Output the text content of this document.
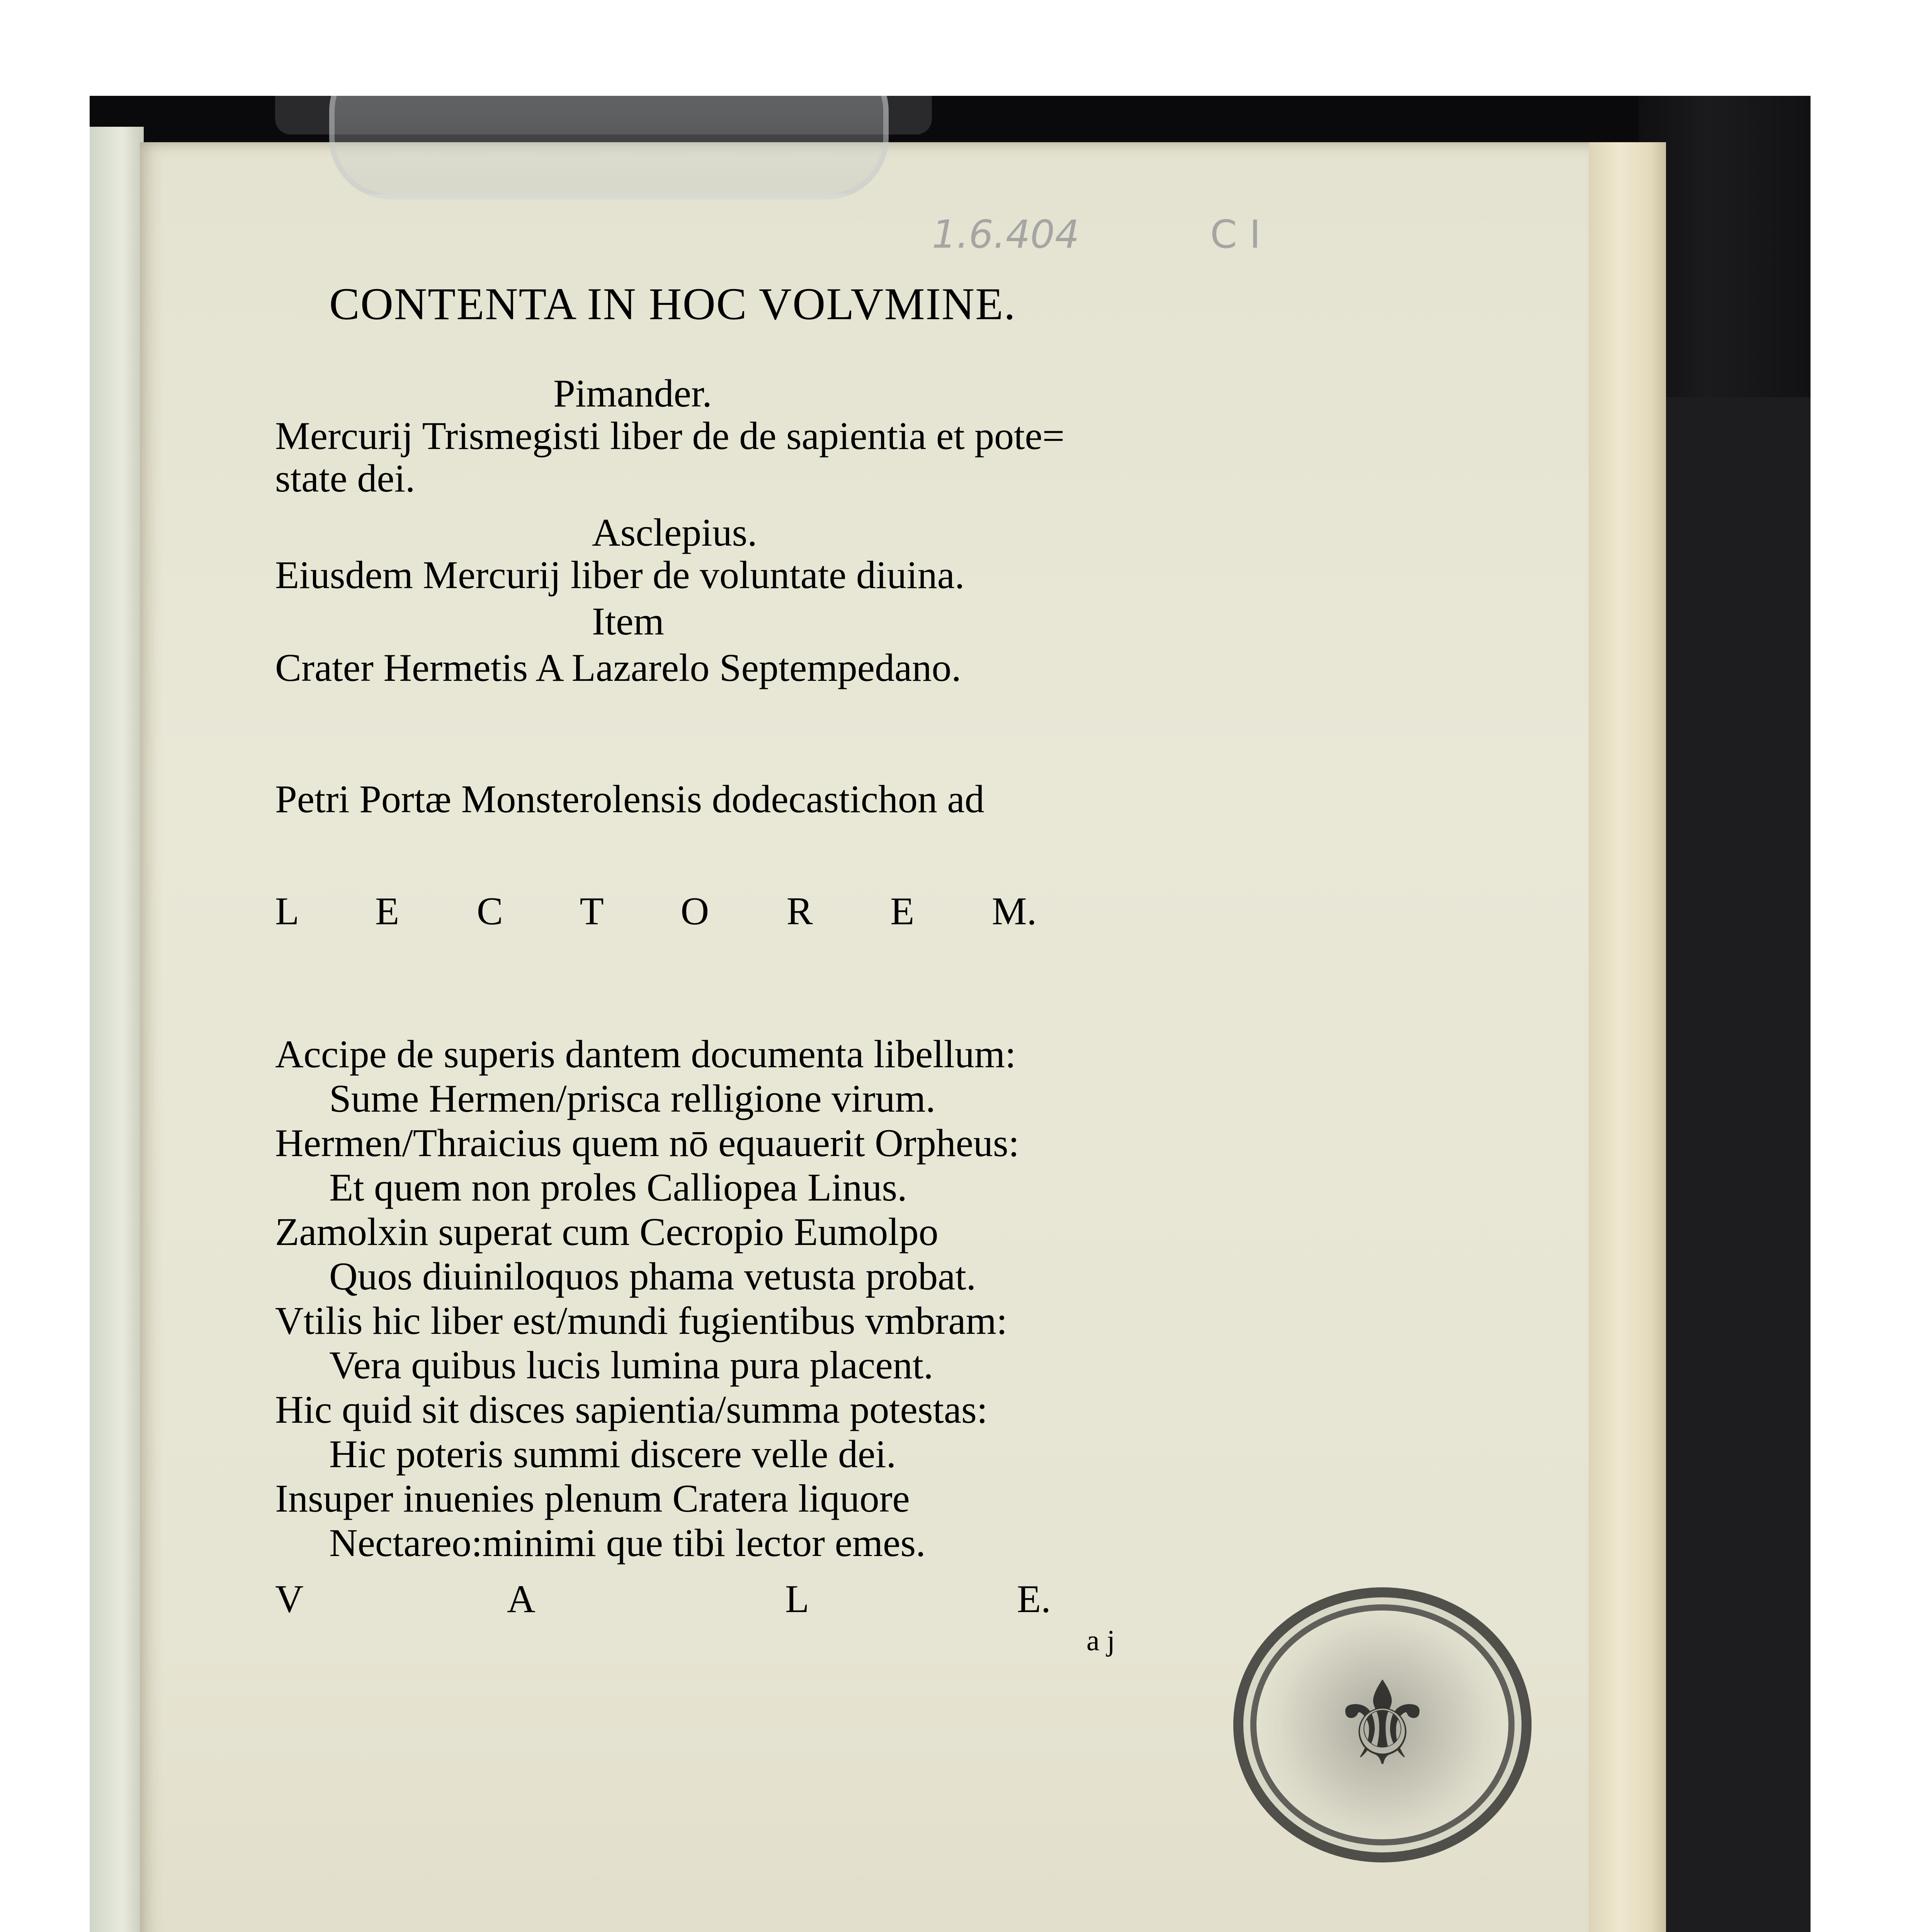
1.6.404	C I
CONTENTA IN HOC VOLVMINE.
Pimander.
Mercurij Trismegisti liber de de sapientia et pote=
state dei.
Asclepius.
Eiusdem Mercurij liber de voluntate diuina.
Item
Crater Hermetis A Lazarelo Septempedano.
Petri Portæ Monsterolensis dodecastichon ad
L E C T O R E M.
Accipe de superis dantem documenta libellum:
Sume Hermen/prisca relligione virum.
Hermen/Thraicius quem nō equauerit Orpheus:
Et quem non proles Calliopea Linus.
Zamolxin superat cum Cecropio Eumolpo
Quos diuiniloquos phama vetusta probat.
Vtilis hic liber est/mundi fugientibus vmbram:
Vera quibus lucis lumina pura placent.
Hic quid sit disces sapientia/summa potestas:
Hic poteris summi discere velle dei.
Insuper inuenies plenum Cratera liquore
Nectareo:minimi que tibi lector emes.
V	A	L	E.
a j
⚜
